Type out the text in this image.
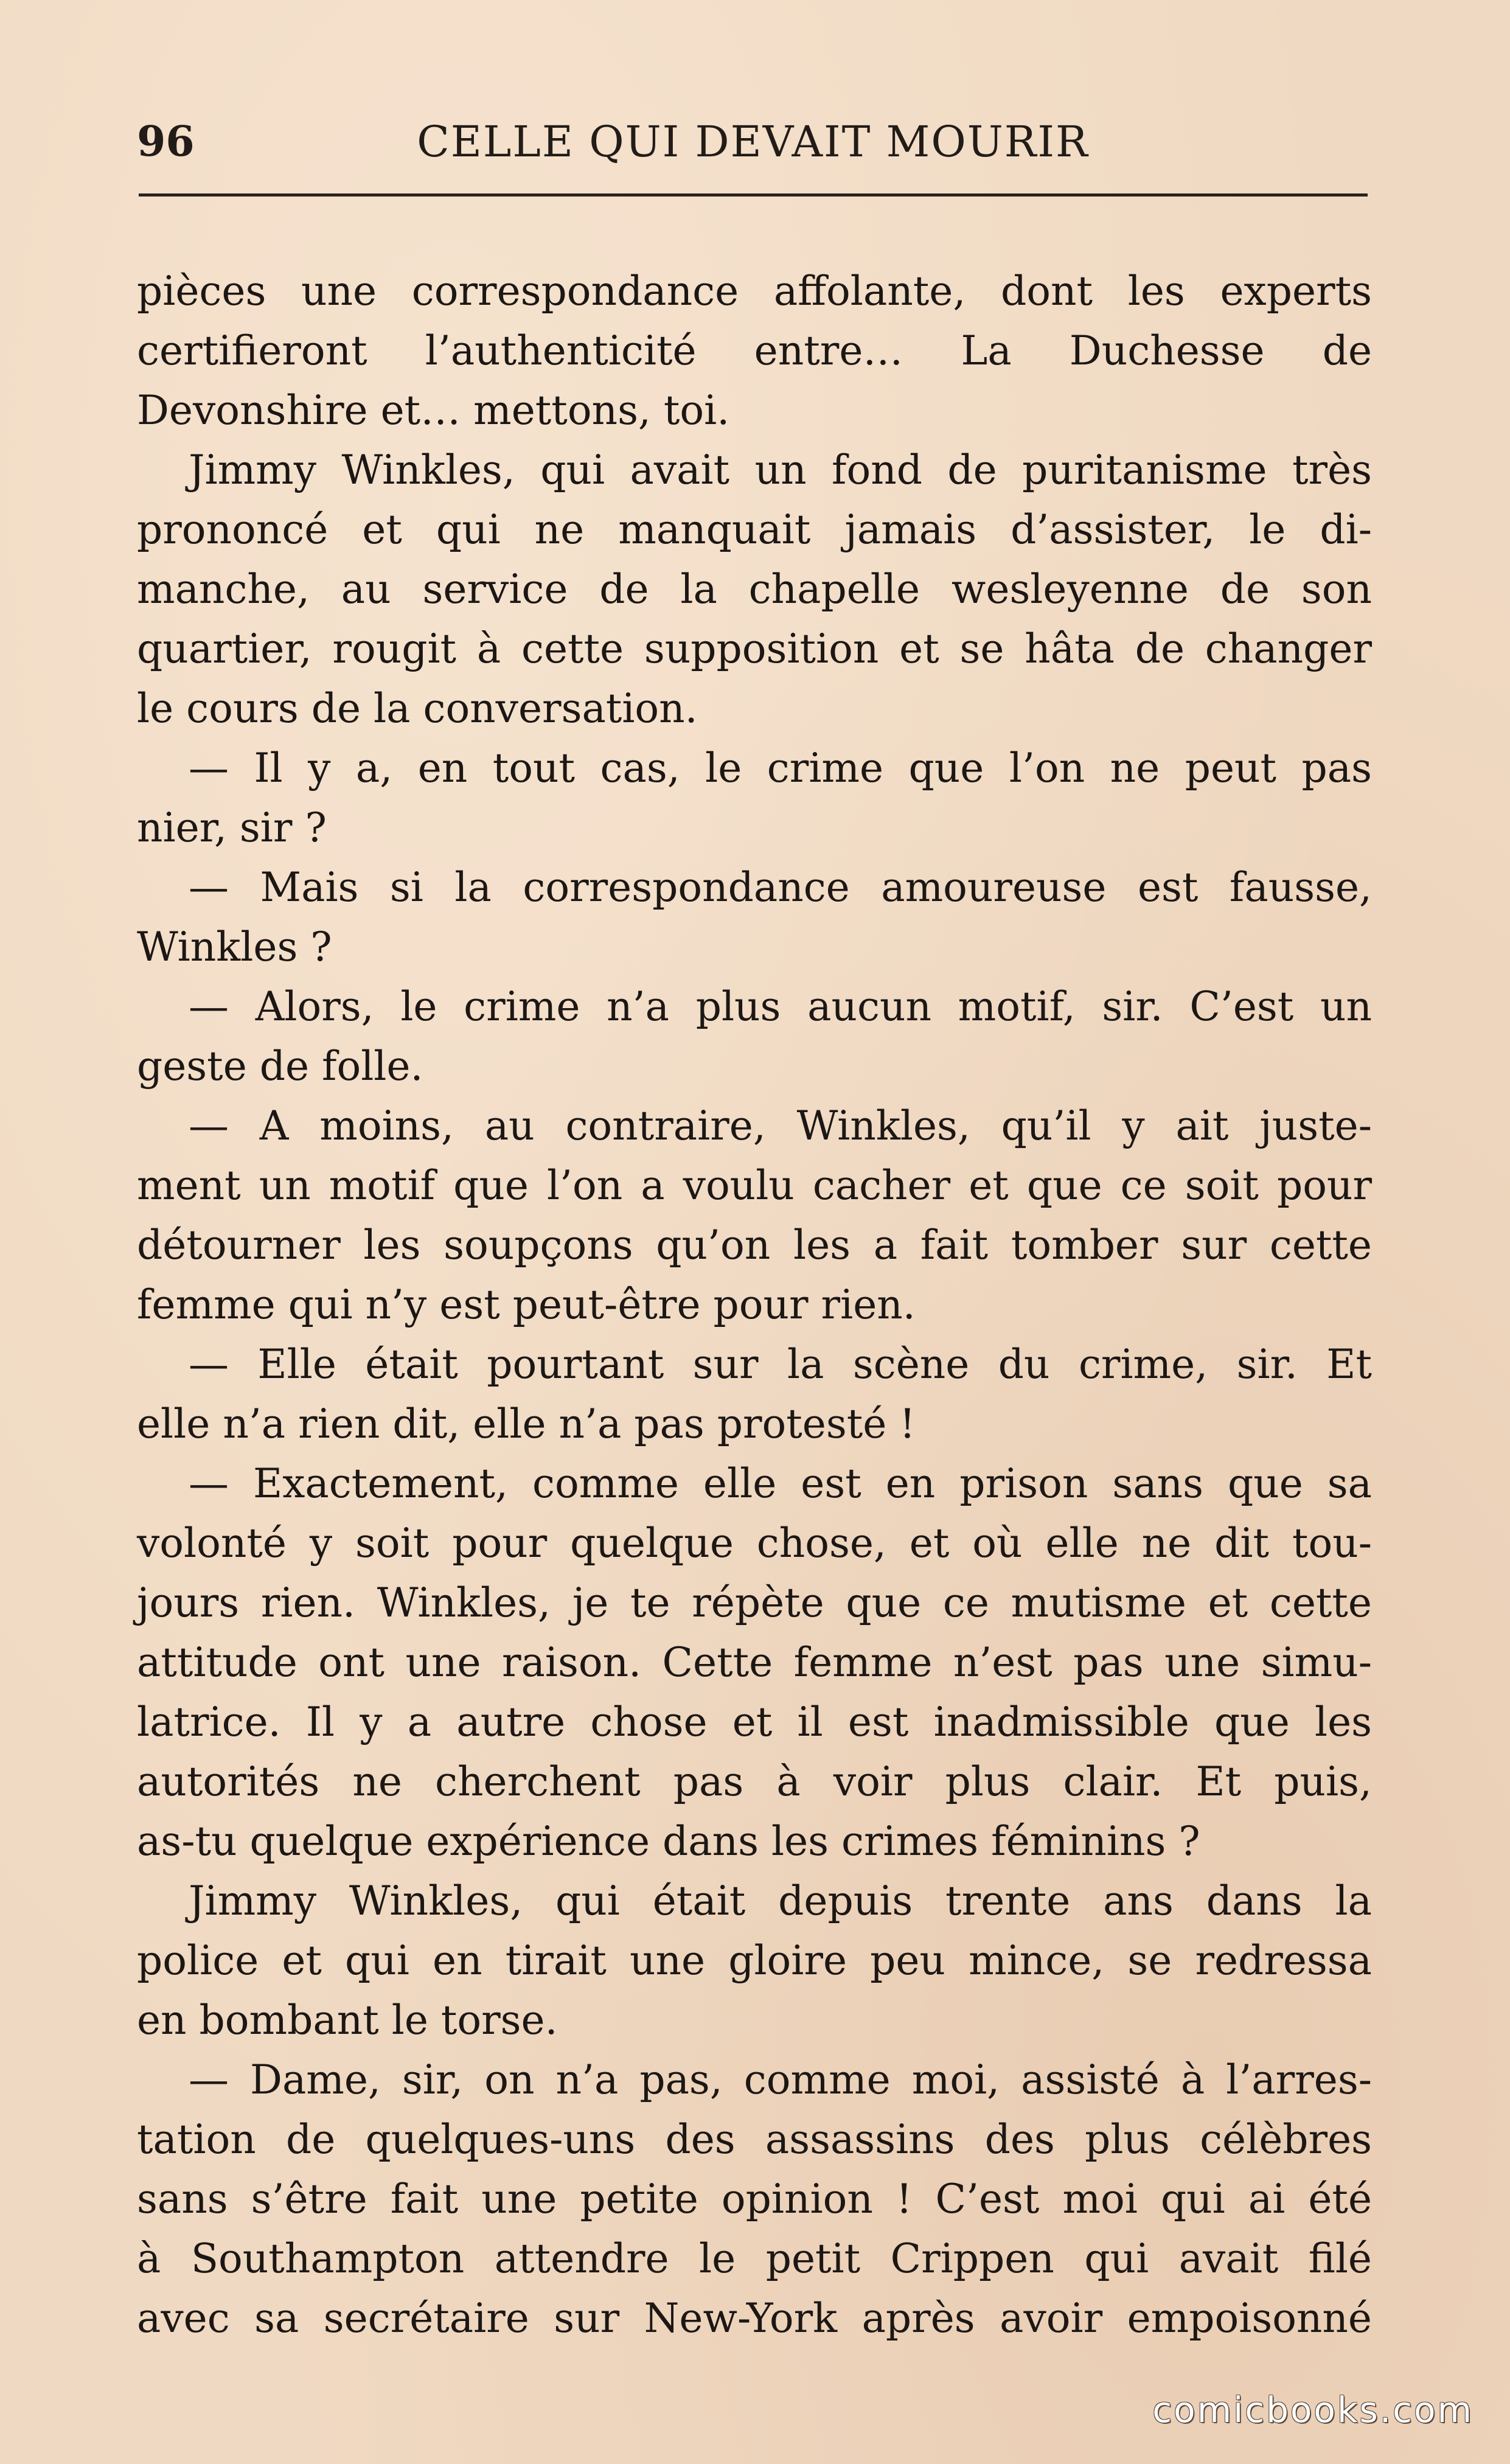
96	CELLE QUI DEVAIT MOURIR
pièces une correspondance affolante, dont les experts
certifieront l’authenticité entre… La Duchesse de
Devonshire et… mettons, toi.
Jimmy Winkles, qui avait un fond de puritanisme très
prononcé et qui ne manquait jamais d’assister, le di-
manche, au service de la chapelle wesleyenne de son
quartier, rougit à cette supposition et se hâta de changer
le cours de la conversation.
— Il y a, en tout cas, le crime que l’on ne peut pas
nier, sir ?
— Mais si la correspondance amoureuse est fausse,
Winkles ?
— Alors, le crime n’a plus aucun motif, sir. C’est un
geste de folle.
— A moins, au contraire, Winkles, qu’il y ait juste-
ment un motif que l’on a voulu cacher et que ce soit pour
détourner les soupçons qu’on les a fait tomber sur cette
femme qui n’y est peut-être pour rien.
— Elle était pourtant sur la scène du crime, sir. Et
elle n’a rien dit, elle n’a pas protesté !
— Exactement, comme elle est en prison sans que sa
volonté y soit pour quelque chose, et où elle ne dit tou-
jours rien. Winkles, je te répète que ce mutisme et cette
attitude ont une raison. Cette femme n’est pas une simu-
latrice. Il y a autre chose et il est inadmissible que les
autorités ne cherchent pas à voir plus clair. Et puis,
as-tu quelque expérience dans les crimes féminins ?
Jimmy Winkles, qui était depuis trente ans dans la
police et qui en tirait une gloire peu mince, se redressa
en bombant le torse.
— Dame, sir, on n’a pas, comme moi, assisté à l’arres-
tation de quelques-uns des assassins des plus célèbres
sans s’être fait une petite opinion ! C’est moi qui ai été
à Southampton attendre le petit Crippen qui avait filé
avec sa secrétaire sur New-York après avoir empoisonné
comicbooks.com
